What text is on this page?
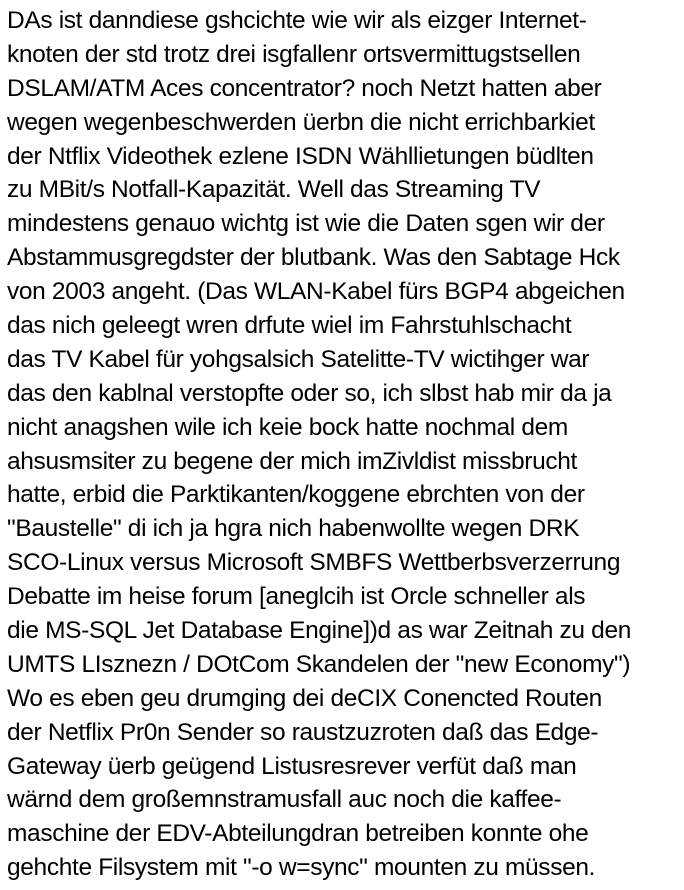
DAs ist danndiese gshcichte wie wir als eizger Internet-
knoten der std trotz drei isgfallenr ortsvermittugstsellen
DSLAM/ATM Aces concentrator? noch Netzt hatten aber
wegen wegenbeschwerden üerbn die nicht errichbarkiet
der Ntflix Videothek ezlene ISDN Wähllietungen büdlten
zu MBit/s Notfall-Kapazität. Well das Streaming TV
mindestens genauo wichtg ist wie die Daten sgen wir der
Abstammusgregdster der blutbank. Was den Sabtage Hck
von 2003 angeht. (Das WLAN-Kabel fürs BGP4 abgeichen
das nich geleegt wren drfute wiel im Fahrstuhlschacht
das TV Kabel für yohgsalsich Satelitte-TV wictihger war
das den kablnal verstopfte oder so, ich slbst hab mir da ja
nicht anagshen wile ich keie bock hatte nochmal dem
ahsusmsiter zu begene der mich imZivldist missbrucht
hatte, erbid die Parktikanten/koggene ebrchten von der
"Baustelle" di ich ja hgra nich habenwollte wegen DRK
SCO-Linux versus Microsoft SMBFS Wettberbsverzerrung
Debatte im heise forum [aneglcih ist Orcle schneller als
die MS-SQL Jet Database Engine])d as war Zeitnah zu den
UMTS LIsznezn / DOtCom Skandelen der "new Economy")
Wo es eben geu drumging dei deCIX Conencted Routen
der Netflix Pr0n Sender so raustzuzroten daß das Edge-
Gateway üerb geügend Listusresrever verfüt daß man
wärnd dem großemnstramusfall auc noch die kaffee-
maschine der EDV-Abteilungdran betreiben konnte ohe
gehchte Filsystem mit "-o w=sync" mounten zu müssen.
